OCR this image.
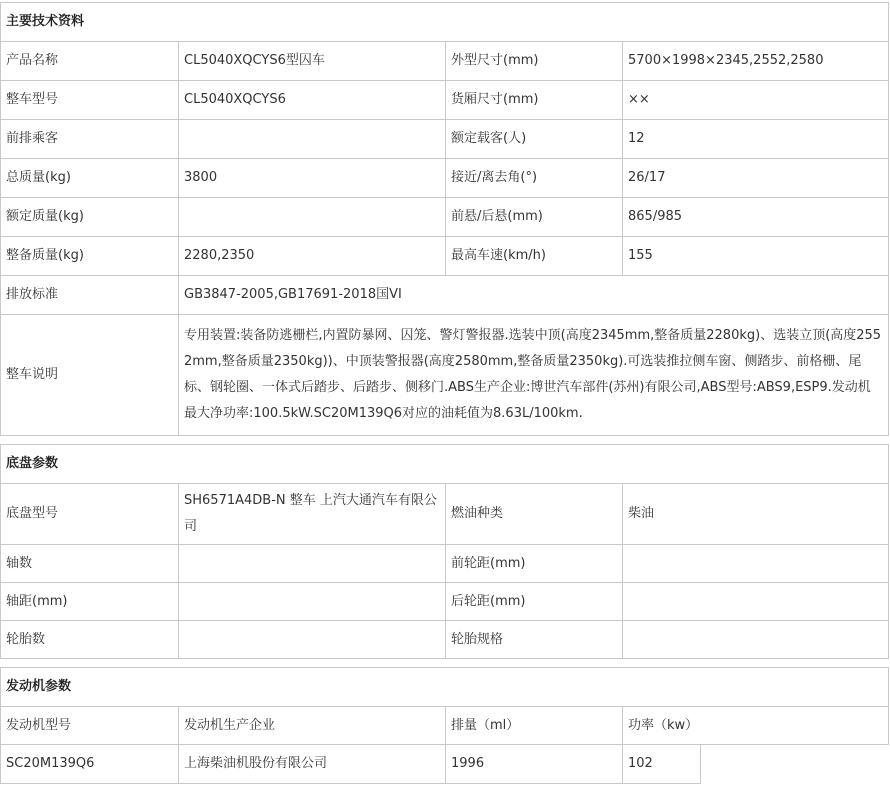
主要技术资料			
产品名称	CL5040XQCYS6型囚车	外型尺寸(mm)	5700×1998×2345,2552,2580
整车型号	CL5040XQCYS6	货厢尺寸(mm)	××
前排乘客		额定载客(人)	12
总质量(kg)	3800	接近/离去角(°)	26/17
额定质量(kg)		前悬/后悬(mm)	865/985
整备质量(kg)	2280,2350	最高车速(km/h)	155
排放标准	GB3847-2005,GB17691-2018国VI		
整车说明	专用装置:装备防逃栅栏,内置防暴网、囚笼、警灯警报器.选装中顶(高度2345mm,整备质量2280kg)、选装立顶(高度2552mm,整备质量2350kg))、中顶装警报器(高度2580mm,整备质量2350kg).可选装推拉侧车窗、侧踏步、前格栅、尾标、钢轮圈、一体式后踏步、后踏步、侧移门.ABS生产企业:博世汽车部件(苏州)有限公司,ABS型号:ABS9,ESP9.发动机最大净功率:100.5kW.SC20M139Q6对应的油耗值为8.63L/100km.		
底盘参数			
底盘型号	SH6571A4DB-N 整车 上汽大通汽车有限公司	燃油种类	柴油
轴数		前轮距(mm)	
轴距(mm)		后轮距(mm)	
轮胎数		轮胎规格	
发动机参数				
发动机型号	发动机生产企业	排量（ml）	功率（kw）	
SC20M139Q6	上海柴油机股份有限公司	1996	102	
